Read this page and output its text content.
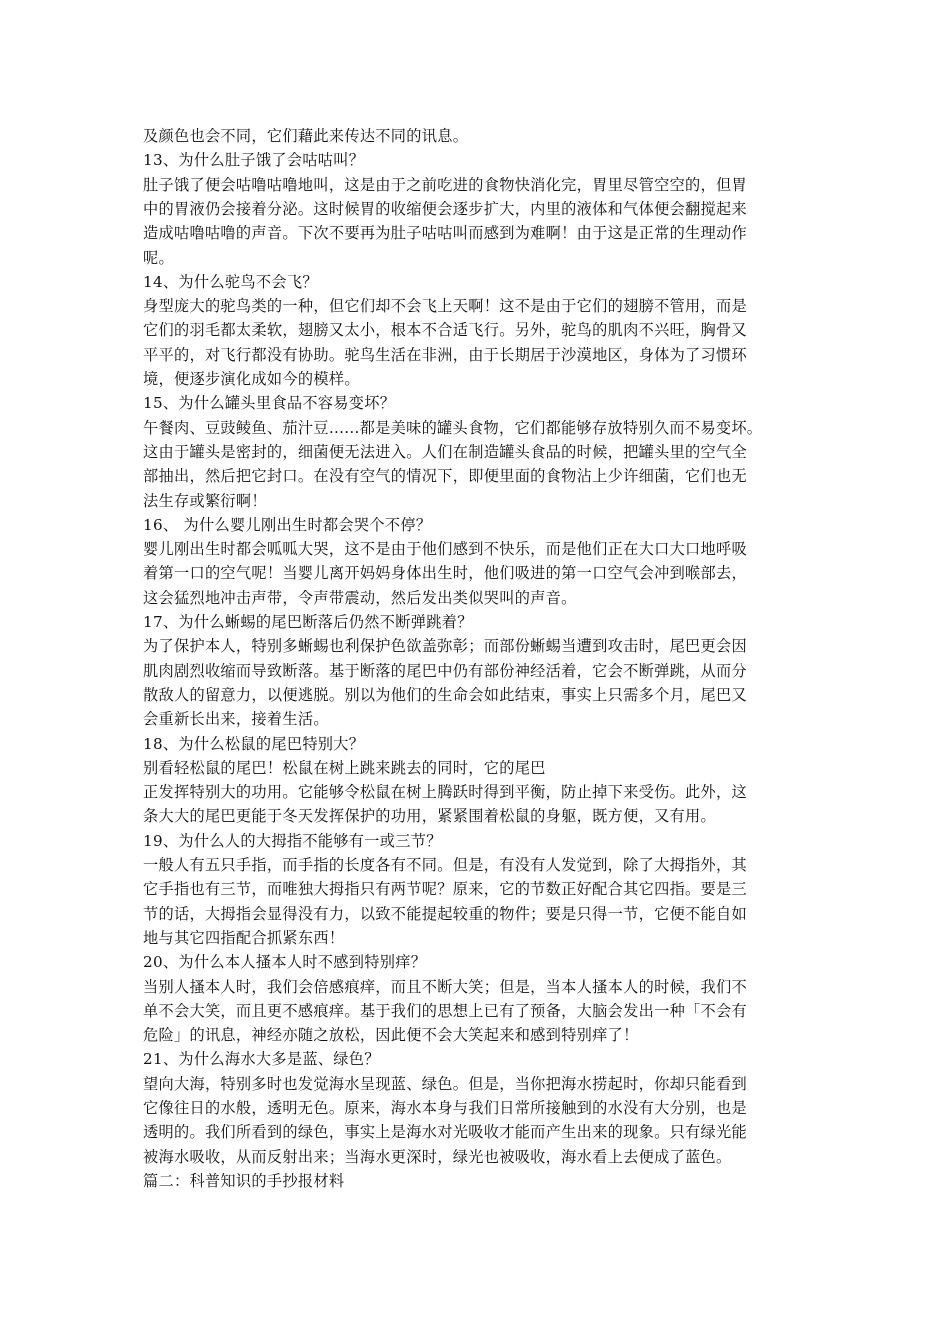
及颜色也会不同，它们藉此来传达不同的讯息。
13、为什么肚子饿了会咕咕叫？
肚子饿了便会咕噜咕噜地叫，这是由于之前吃进的食物快消化完，胃里尽管空空的，但胃
中的胃液仍会接着分泌。这时候胃的收缩便会逐步扩大，内里的液体和气体便会翻搅起来
造成咕噜咕噜的声音。下次不要再为肚子咕咕叫而感到为难啊！由于这是正常的生理动作
呢。
14、为什么驼鸟不会飞？
身型庞大的驼鸟类的一种，但它们却不会飞上天啊！这不是由于它们的翅膀不管用，而是
它们的羽毛都太柔软，翅膀又太小，根本不合适飞行。另外，驼鸟的肌肉不兴旺，胸骨又
平平的，对飞行都没有协助。驼鸟生活在非洲，由于长期居于沙漠地区，身体为了习惯环
境，便逐步演化成如今的模样。
15、为什么罐头里食品不容易变坏？
午餐肉、豆豉鲮鱼、茄汁豆......都是美味的罐头食物，它们都能够存放特别久而不易变坏。
这由于罐头是密封的，细菌便无法进入。人们在制造罐头食品的时候，把罐头里的空气全
部抽出，然后把它封口。在没有空气的情况下，即便里面的食物沾上少许细菌，它们也无
法生存或繁衍啊！
16、 为什么婴儿刚出生时都会哭个不停？
婴儿刚出生时都会呱呱大哭，这不是由于他们感到不快乐，而是他们正在大口大口地呼吸
着第一口的空气呢！当婴儿离开妈妈身体出生时，他们吸进的第一口空气会冲到喉部去，
这会猛烈地冲击声带，令声带震动，然后发出类似哭叫的声音。
17、为什么蜥蜴的尾巴断落后仍然不断弹跳着？
为了保护本人，特别多蜥蜴也利保护色欲盖弥彰；而部份蜥蜴当遭到攻击时，尾巴更会因
肌肉剧烈收缩而导致断落。基于断落的尾巴中仍有部份神经活着，它会不断弹跳，从而分
散敌人的留意力，以便逃脱。别以为他们的生命会如此结束，事实上只需多个月，尾巴又
会重新长出来，接着生活。
18、为什么松鼠的尾巴特别大？
别看轻松鼠的尾巴！松鼠在树上跳来跳去的同时，它的尾巴
正发挥特别大的功用。它能够令松鼠在树上腾跃时得到平衡，防止掉下来受伤。此外，这
条大大的尾巴更能于冬天发挥保护的功用，紧紧围着松鼠的身躯，既方便，又有用。
19、为什么人的大拇指不能够有一或三节？
一般人有五只手指，而手指的长度各有不同。但是，有没有人发觉到，除了大拇指外，其
它手指也有三节，而唯独大拇指只有两节呢？原来，它的节数正好配合其它四指。要是三
节的话，大拇指会显得没有力，以致不能提起较重的物件；要是只得一节，它便不能自如
地与其它四指配合抓紧东西！
20、为什么本人搔本人时不感到特别痒？
当别人搔本人时，我们会倍感痕痒，而且不断大笑；但是，当本人搔本人的时候，我们不
单不会大笑，而且更不感痕痒。基于我们的思想上已有了预备，大脑会发出一种「不会有
危险」的讯息，神经亦随之放松，因此便不会大笑起来和感到特别痒了！
21、为什么海水大多是蓝、绿色？
望向大海，特别多时也发觉海水呈现蓝、绿色。但是，当你把海水捞起时，你却只能看到
它像往日的水般，透明无色。原来，海水本身与我们日常所接触到的水没有大分别，也是
透明的。我们所看到的绿色，事实上是海水对光吸收才能而产生出来的现象。只有绿光能
被海水吸收，从而反射出来；当海水更深时，绿光也被吸收，海水看上去便成了蓝色。
篇二：科普知识的手抄报材料
